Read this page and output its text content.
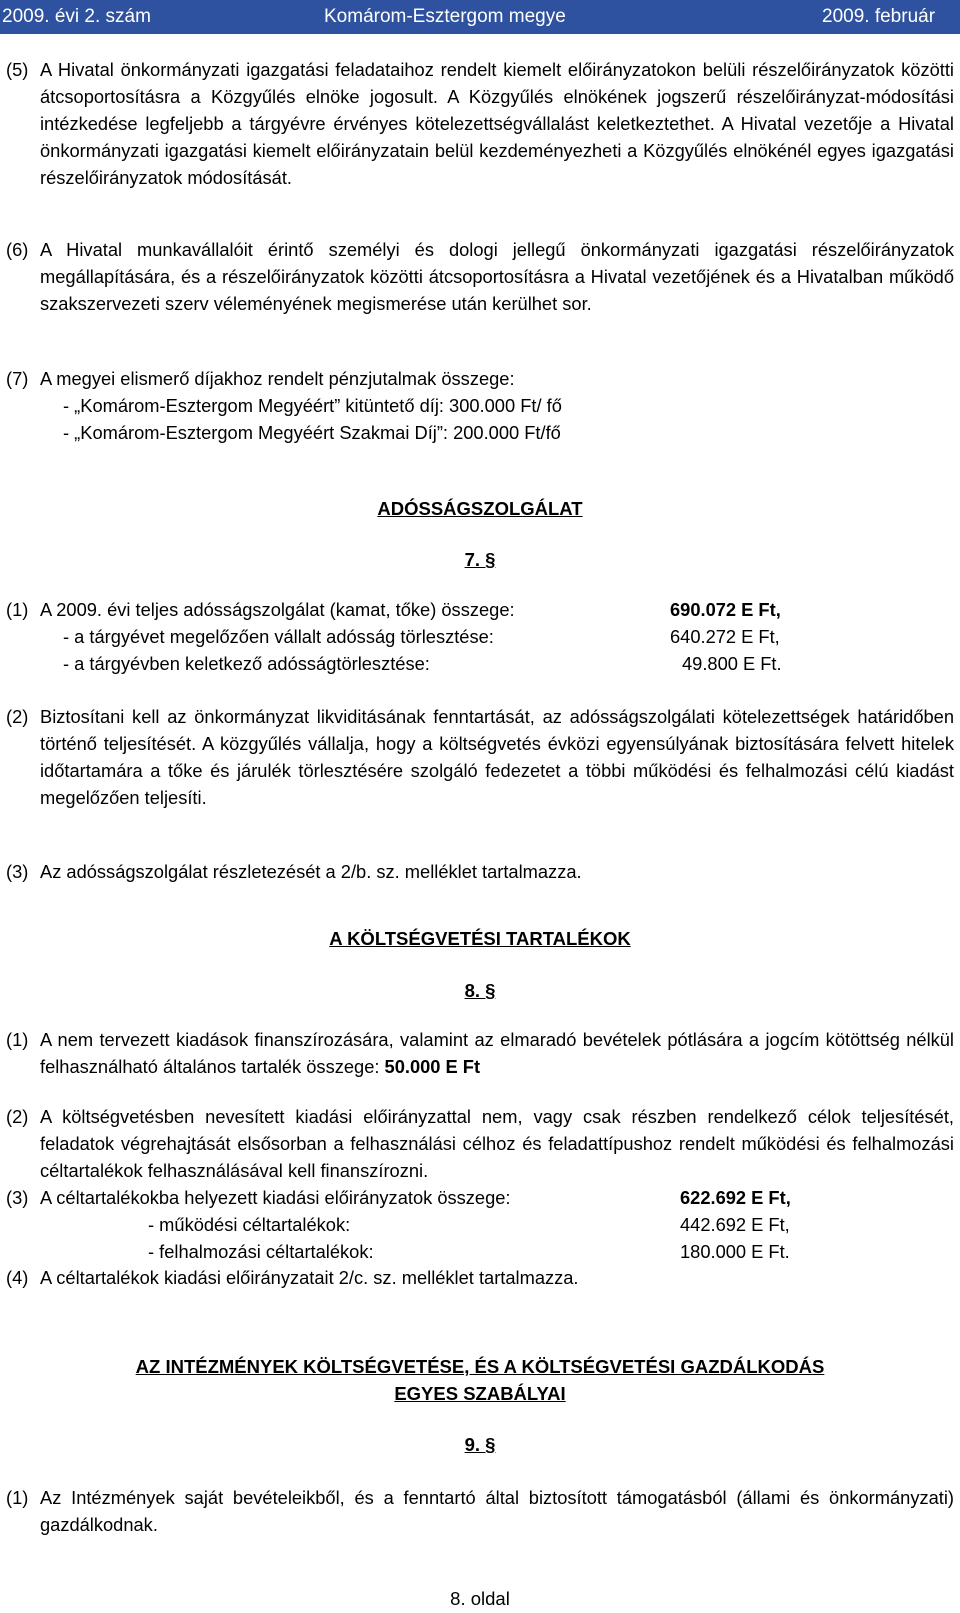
2009. évi 2. szám	Komárom-Esztergom megye	2009. február
(5) A Hivatal önkormányzati igazgatási feladataihoz rendelt kiemelt előirányzatokon belüli részelőirányzatok közötti átcsoportosításra a Közgyűlés elnöke jogosult. A Közgyűlés elnökének jogszerű részelőirányzat-módosítási intézkedése legfeljebb a tárgyévre érvényes kötelezettségvállalást keletkeztethet. A Hivatal vezetője a Hivatal önkormányzati igazgatási kiemelt előirányzatain belül kezdeményezheti a Közgyűlés elnökénél egyes igazgatási részelőirányzatok módosítását.
(6) A Hivatal munkavállalóit érintő személyi és dologi jellegű önkormányzati igazgatási részelőirányzatok megállapítására, és a részelőirányzatok közötti átcsoportosításra a Hivatal vezetőjének és a Hivatalban működő szakszervezeti szerv véleményének megismerése után kerülhet sor.
(7) A megyei elismerő díjakhoz rendelt pénzjutalmak összege:
- „Komárom-Esztergom Megyéért” kitüntető díj: 300.000 Ft/ fő
- „Komárom-Esztergom Megyéért Szakmai Díj”: 200.000 Ft/fő
ADÓSSÁGSZOLGÁLAT
7. §
(1) A 2009. évi teljes adósságszolgálat (kamat, tőke) összege:	690.072 E Ft,
- a tárgyévet megelőzően vállalt adósság törlesztése:	640.272 E Ft,
- a tárgyévben keletkező adósságtörlesztése:	49.800 E Ft.
(2) Biztosítani kell az önkormányzat likviditásának fenntartását, az adósságszolgálati kötelezettségek határidőben történő teljesítését. A közgyűlés vállalja, hogy a költségvetés évközi egyensúlyának biztosítására felvett hitelek időtartamára a tőke és járulék törlesztésére szolgáló fedezetet a többi működési és felhalmozási célú kiadást megelőzően teljesíti.
(3) Az adósságszolgálat részletezését a 2/b. sz. melléklet tartalmazza.
A KÖLTSÉGVETÉSI TARTALÉKOK
8. §
(1) A nem tervezett kiadások finanszírozására, valamint az elmaradó bevételek pótlására a jogcím kötöttség nélkül felhasználható általános tartalék összege: 50.000 E Ft
(2) A költségvetésben nevesített kiadási előirányzattal nem, vagy csak részben rendelkező célok teljesítését, feladatok végrehajtását elsősorban a felhasználási célhoz és feladattípushoz rendelt működési és felhalmozási céltartalékok felhasználásával kell finanszírozni.
(3) A céltartalékokba helyezett kiadási előirányzatok összege:	622.692 E Ft,
- működési céltartalékok:	442.692 E Ft,
- felhalmozási céltartalékok:	180.000 E Ft.
(4) A céltartalékok kiadási előirányzatait 2/c. sz. melléklet tartalmazza.
AZ INTÉZMÉNYEK KÖLTSÉGVETÉSE, ÉS A KÖLTSÉGVETÉSI GAZDÁLKODÁS
EGYES SZABÁLYAI
9. §
(1) Az Intézmények saját bevételeikből, és a fenntartó által biztosított támogatásból (állami és önkormányzati) gazdálkodnak.
8. oldal
